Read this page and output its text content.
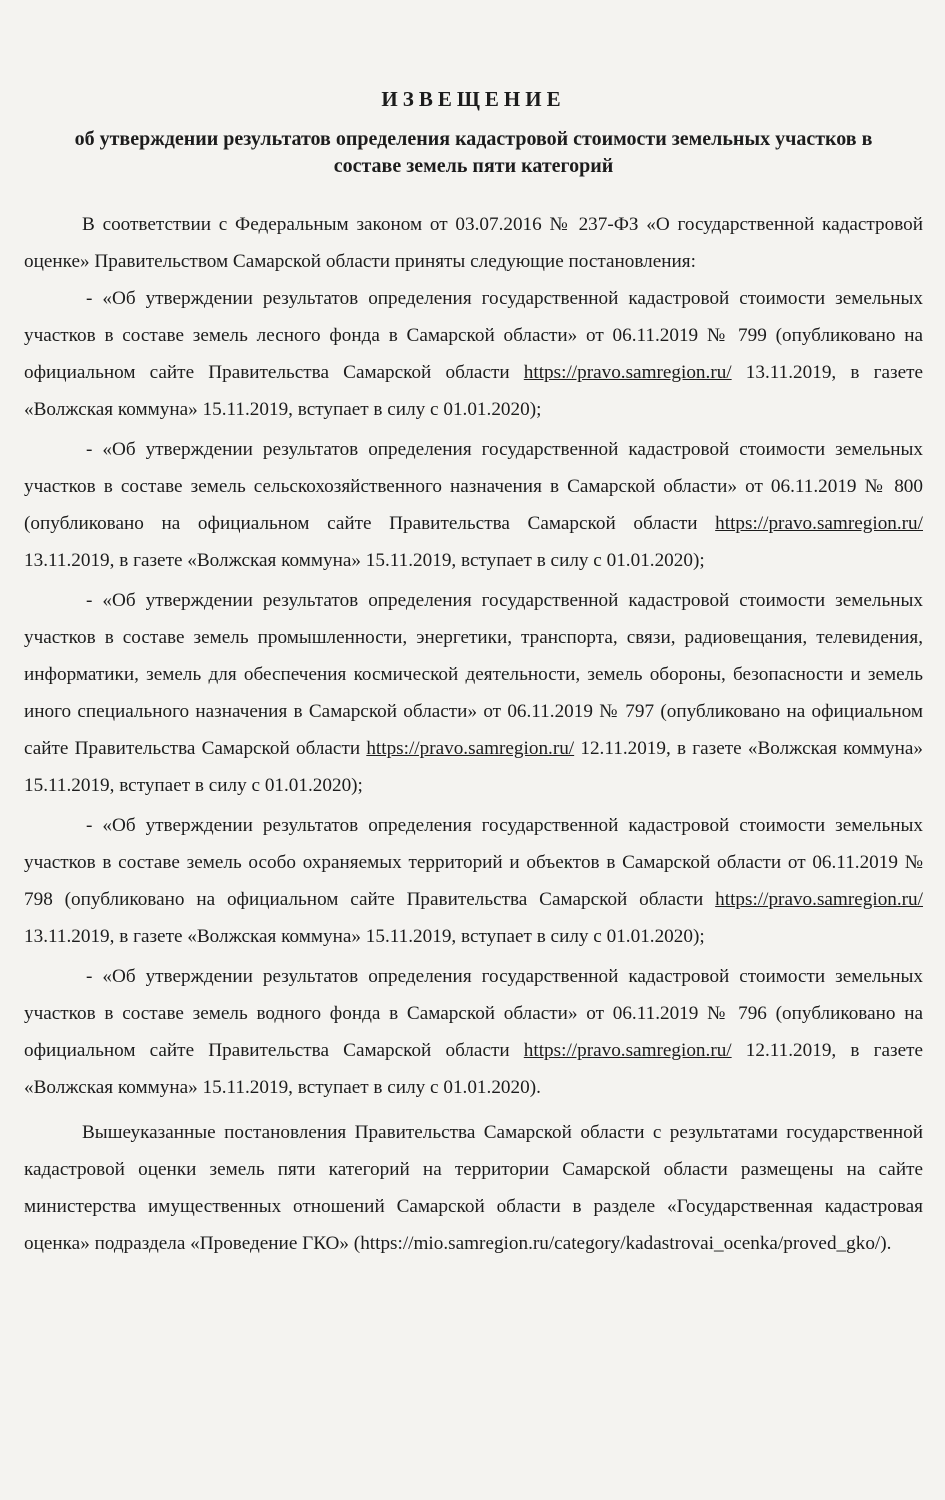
ИЗВЕЩЕНИЕ
об утверждении результатов определения кадастровой стоимости земельных участков в составе земель пяти категорий

В соответствии с Федеральным законом от 03.07.2016 № 237-ФЗ «О государственной кадастровой оценке» Правительством Самарской области приняты следующие постановления:

- «Об утверждении результатов определения государственной кадастровой стоимости земельных участков в составе земель лесного фонда в Самарской области» от 06.11.2019 № 799 (опубликовано на официальном сайте Правительства Самарской области https://pravo.samregion.ru/ 13.11.2019, в газете «Волжская коммуна» 15.11.2019, вступает в силу с 01.01.2020);

- «Об утверждении результатов определения государственной кадастровой стоимости земельных участков в составе земель сельскохозяйственного назначения в Самарской области» от 06.11.2019 № 800 (опубликовано на официальном сайте Правительства Самарской области https://pravo.samregion.ru/ 13.11.2019, в газете «Волжская коммуна» 15.11.2019, вступает в силу с 01.01.2020);

- «Об утверждении результатов определения государственной кадастровой стоимости земельных участков в составе земель промышленности, энергетики, транспорта, связи, радиовещания, телевидения, информатики, земель для обеспечения космической деятельности, земель обороны, безопасности и земель иного специального назначения в Самарской области» от 06.11.2019 № 797 (опубликовано на официальном сайте Правительства Самарской области https://pravo.samregion.ru/ 12.11.2019, в газете «Волжская коммуна» 15.11.2019, вступает в силу с 01.01.2020);

- «Об утверждении результатов определения государственной кадастровой стоимости земельных участков в составе земель особо охраняемых территорий и объектов в Самарской области от 06.11.2019 № 798 (опубликовано на официальном сайте Правительства Самарской области https://pravo.samregion.ru/ 13.11.2019, в газете «Волжская коммуна» 15.11.2019, вступает в силу с 01.01.2020);

- «Об утверждении результатов определения государственной кадастровой стоимости земельных участков в составе земель водного фонда в Самарской области» от 06.11.2019 № 796 (опубликовано на официальном сайте Правительства Самарской области https://pravo.samregion.ru/ 12.11.2019, в газете «Волжская коммуна» 15.11.2019, вступает в силу с 01.01.2020).

Вышеуказанные постановления Правительства Самарской области с результатами государственной кадастровой оценки земель пяти категорий на территории Самарской области размещены на сайте министерства имущественных отношений Самарской области в разделе «Государственная кадастровая оценка» подраздела «Проведение ГКО» (https://mio.samregion.ru/category/kadastrovai_ocenka/proved_gko/).
